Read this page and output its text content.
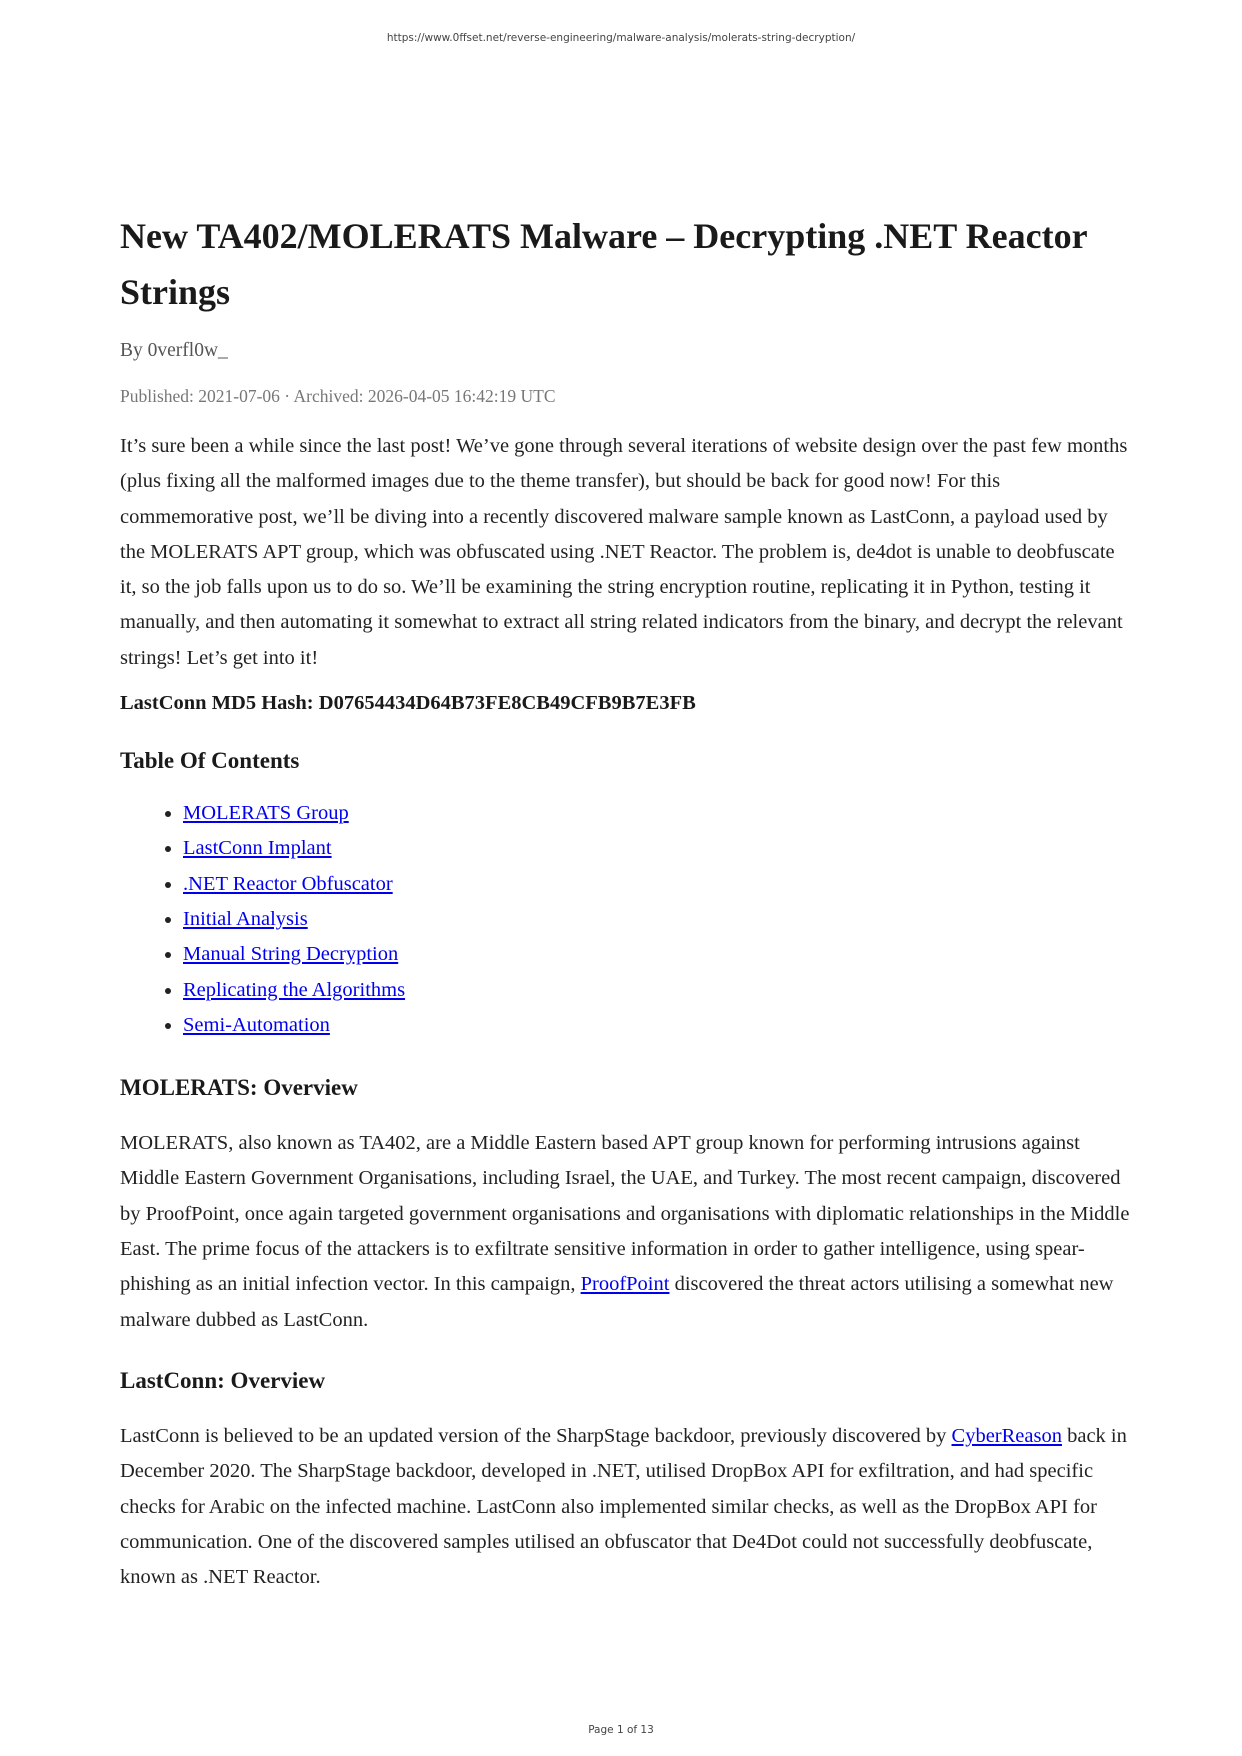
https://www.0ffset.net/reverse-engineering/malware-analysis/molerats-string-decryption/
New TA402/MOLERATS Malware – Decrypting .NET Reactor Strings
By 0verfl0w_
Published: 2021-07-06 · Archived: 2026-04-05 16:42:19 UTC

It’s sure been a while since the last post! We’ve gone through several iterations of website design over the past few months (plus fixing all the malformed images due to the theme transfer), but should be back for good now! For this commemorative post, we’ll be diving into a recently discovered malware sample known as LastConn, a payload used by the MOLERATS APT group, which was obfuscated using .NET Reactor. The problem is, de4dot is unable to deobfuscate it, so the job falls upon us to do so. We’ll be examining the string encryption routine, replicating it in Python, testing it manually, and then automating it somewhat to extract all string related indicators from the binary, and decrypt the relevant strings! Let’s get into it!

LastConn MD5 Hash: D07654434D64B73FE8CB49CFB9B7E3FB
Table Of Contents
• MOLERATS Group
• LastConn Implant
• .NET Reactor Obfuscator
• Initial Analysis
• Manual String Decryption
• Replicating the Algorithms
• Semi-Automation
MOLERATS: Overview

MOLERATS, also known as TA402, are a Middle Eastern based APT group known for performing intrusions against Middle Eastern Government Organisations, including Israel, the UAE, and Turkey. The most recent campaign, discovered by ProofPoint, once again targeted government organisations and organisations with diplomatic relationships in the Middle East. The prime focus of the attackers is to exfiltrate sensitive information in order to gather intelligence, using spear-phishing as an initial infection vector. In this campaign, ProofPoint discovered the threat actors utilising a somewhat new malware dubbed as LastConn.

LastConn: Overview

LastConn is believed to be an updated version of the SharpStage backdoor, previously discovered by CyberReason back in December 2020. The SharpStage backdoor, developed in .NET, utilised DropBox API for exfiltration, and had specific checks for Arabic on the infected machine. LastConn also implemented similar checks, as well as the DropBox API for communication. One of the discovered samples utilised an obfuscator that De4Dot could not successfully deobfuscate, known as .NET Reactor.

Page 1 of 13
